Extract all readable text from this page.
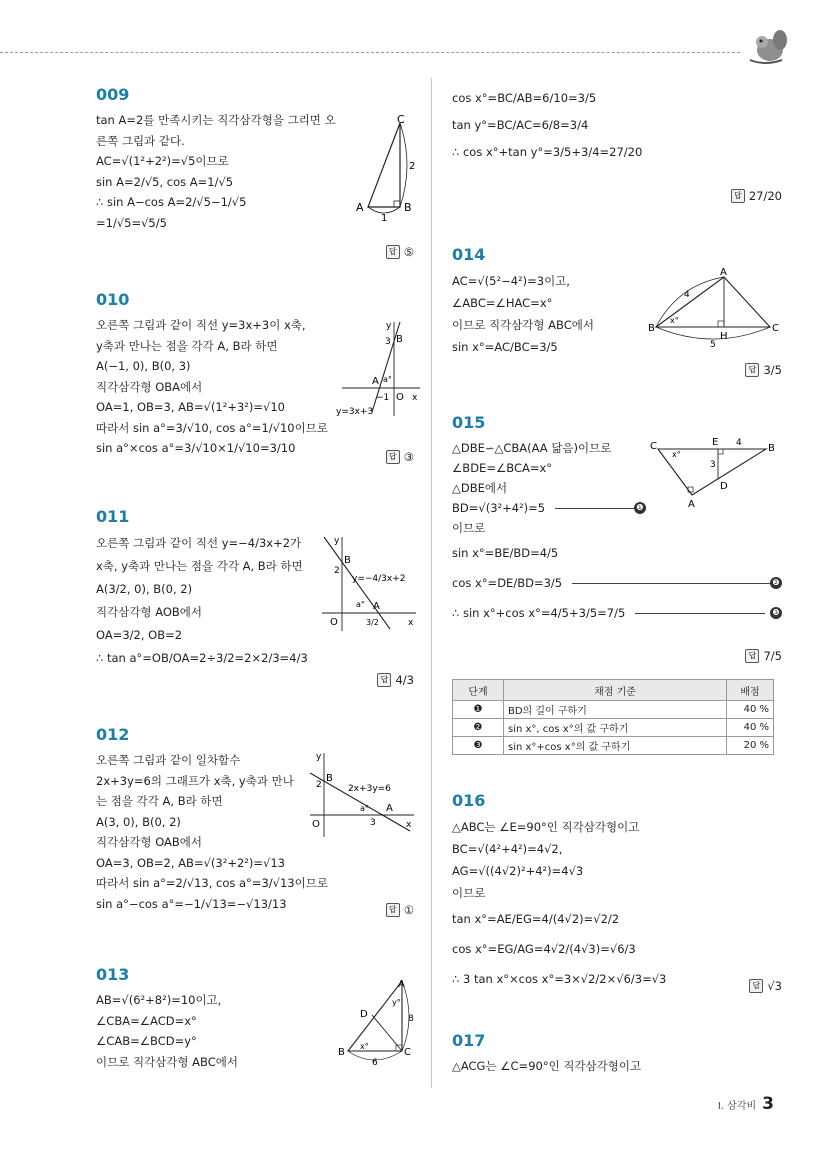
009
tan A=2를 만족시키는 직각삼각형을 그리면 오
른쪽 그림과 같다.
AC=√(1²+2²)=√5이므로
sin A=2/√5, cos A=1/√5
∴ sin A−cos A=2/√5−1/√5
=1/√5=√5/5
A	B
C
1
2
답 ⑤
010
오른쪽 그림과 같이 직선 y=3x+3이 x축,
y축과 만나는 점을 각각 A, B라 하면
A(−1, 0), B(0, 3)
직각삼각형 OBA에서
OA=1, OB=3, AB=√(1²+3²)=√10
따라서 sin a°=3/√10, cos a°=1/√10이므로
sin a°×cos a°=3/√10×1/√10=3/10
A
B
O
−1
3
a°
x
y
y=3x+3
답 ③
011
오른쪽 그림과 같이 직선 y=−4/3x+2가
x축, y축과 만나는 점을 각각 A, B라 하면
A(3/2, 0), B(0, 2)
직각삼각형 AOB에서
OA=3/2, OB=2
∴ tan a°=OB/OA=2÷3/2=2×2/3=4/3
B
A
O
2
a°
3/2
y=−4/3x+2
x
y
답 4/3
012
오른쪽 그림과 같이 일차함수
2x+3y=6의 그래프가 x축, y축과 만나
는 점을 각각 A, B라 하면
A(3, 0), B(0, 2)
직각삼각형 OAB에서
OA=3, OB=2, AB=√(3²+2²)=√13
따라서 sin a°=2/√13, cos a°=3/√13이므로
sin a°−cos a°=−1/√13=−√13/13
B
A
O
2
3
a°
2x+3y=6
x
y
답 ①
013
AB=√(6²+8²)=10이고,
∠CBA=∠ACD=x°
∠CAB=∠BCD=y°
이므로 직각삼각형 ABC에서
A
B	C
D
6
8
x°
y°
cos x°=BC/AB=6/10=3/5
tan y°=BC/AC=6/8=3/4
∴ cos x°+tan y°=3/5+3/4=27/20
답 27/20
014
AC=√(5²−4²)=3이고,
∠ABC=∠HAC=x°
이므로 직각삼각형 ABC에서
sin x°=AC/BC=3/5
A
B	C
H
4
5
x°
답 3/5
015
△DBE∽△CBA(AA 닮음)이므로
∠BDE=∠BCA=x°
△DBE에서
BD=√(3²+4²)=5	❶
이므로
sin x°=BE/BD=4/5
cos x°=DE/BD=3/5	❷
∴ sin x°+cos x°=4/5+3/5=7/5	❸
C	B
E
D
A
4
3
x°
답 7/5
단계	채점 기준	배점
❶	BD의 길이 구하기	40 %
❷	sin x°, cos x°의 값 구하기	40 %
❸	sin x°+cos x°의 값 구하기	20 %
016
△ABC는 ∠E=90°인 직각삼각형이고
BC=√(4²+4²)=4√2,
AG=√((4√2)²+4²)=4√3
이므로
tan x°=AE/EG=4/(4√2)=√2/2
cos x°=EG/AG=4√2/(4√3)=√6/3
∴ 3 tan x°×cos x°=3×√2/2×√6/3=√3	답 √3
017
△ACG는 ∠C=90°인 직각삼각형이고
Ⅰ. 삼각비 3
